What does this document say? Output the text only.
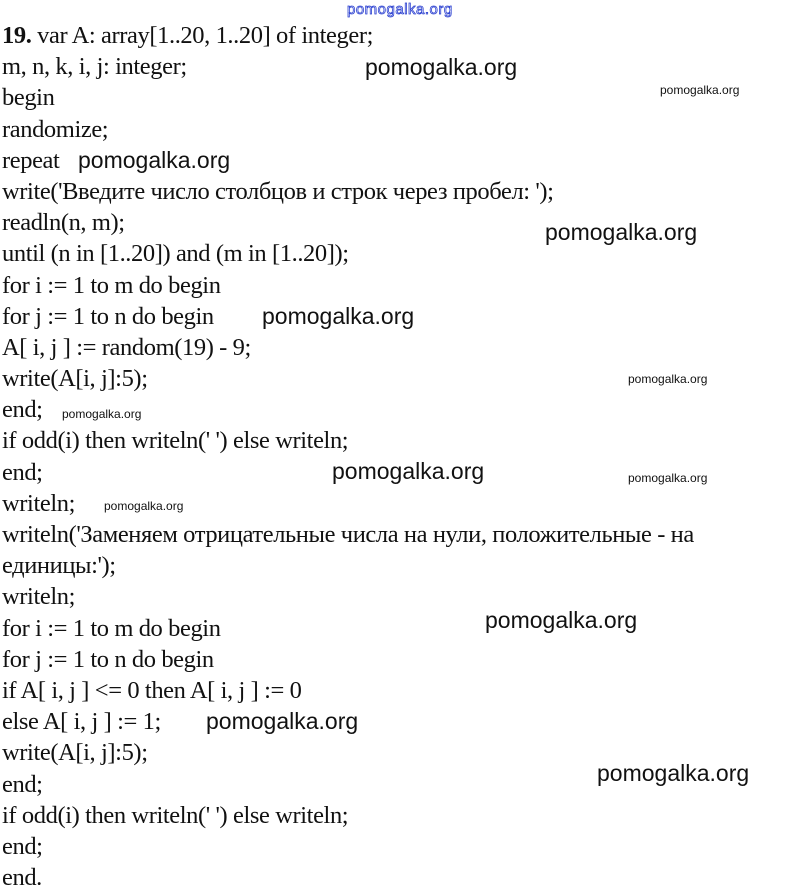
19. var A: array[1..20, 1..20] of integer;
m, n, k, i, j: integer;
begin
randomize;
repeat
write('Введите число столбцов и строк через пробел: ');
readln(n, m);
until (n in [1..20]) and (m in [1..20]);
for i := 1 to m do begin
for j := 1 to n do begin
A[ i, j ] := random(19) - 9;
write(A[i, j]:5);
end;
if odd(i) then writeln(' ') else writeln;
end;
writeln;
writeln('Заменяем отрицательные числа на нули, положительные - на
единицы:');
writeln;
for i := 1 to m do begin
for j := 1 to n do begin
if A[ i, j ] <= 0 then A[ i, j ] := 0
else A[ i, j ] := 1;
write(A[i, j]:5);
end;
if odd(i) then writeln(' ') else writeln;
end;
end.
pomogalka.org
pomogalka.org
pomogalka.org
pomogalka.org
pomogalka.org
pomogalka.org
pomogalka.org
pomogalka.org
pomogalka.org	pomogalka.org
pomogalka.org
pomogalka.org
pomogalka.org
pomogalka.org
